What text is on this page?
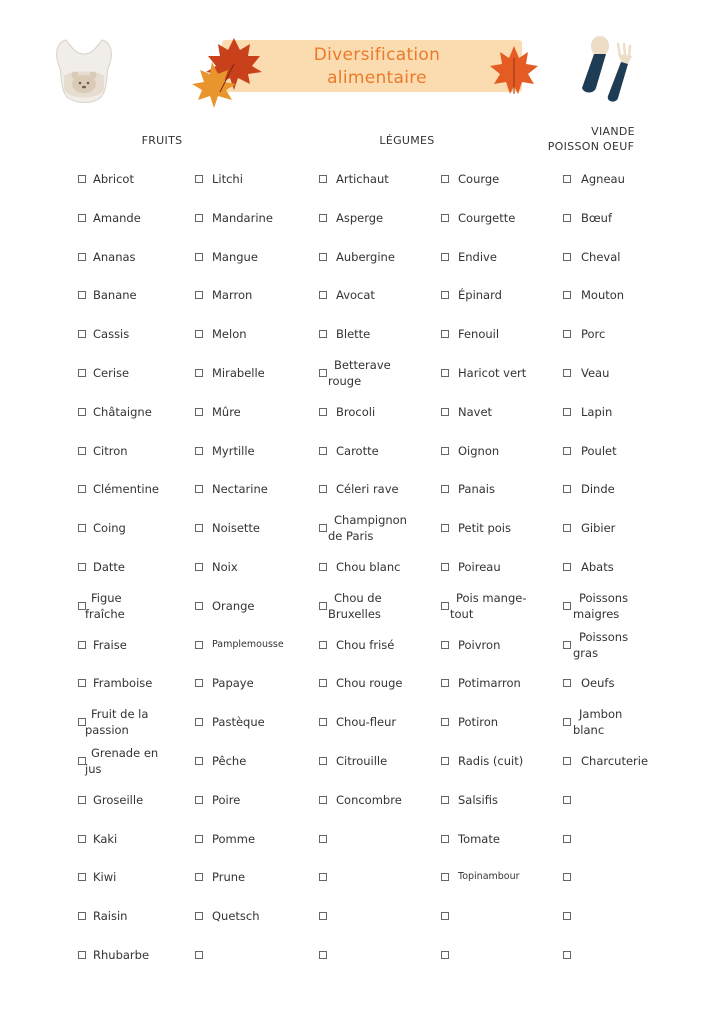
Diversification
alimentaire
FRUITS	LÉGUMES
VIANDE
POISSON OEUF
Abricot
Amande
Ananas
Banane
Cassis
Cerise
Châtaigne
Citron
Clémentine
Coing
Datte
Figue
fraîche
Fraise
Framboise
Fruit de la
passion
Grenade en
jus
Groseille
Kaki
Kiwi
Raisin
Rhubarbe
Litchi
Mandarine
Mangue
Marron
Melon
Mirabelle
Mûre
Myrtille
Nectarine
Noisette
Noix
Orange
Pamplemousse
Papaye
Pastèque
Pêche
Poire
Pomme
Prune
Quetsch
Artichaut
Asperge
Aubergine
Avocat
Blette
Betterave
rouge
Brocoli
Carotte
Céleri rave
Champignon
de Paris
Chou blanc
Chou de
Bruxelles
Chou frisé
Chou rouge
Chou-fleur
Citrouille
Concombre
Courge
Courgette
Endive
Épinard
Fenouil
Haricot vert
Navet
Oignon
Panais
Petit pois
Poireau
Pois mange-
tout
Poivron
Potimarron
Potiron
Radis (cuit)
Salsifis
Tomate
Topinambour
Agneau
Bœuf
Cheval
Mouton
Porc
Veau
Lapin
Poulet
Dinde
Gibier
Abats
Poissons
maigres
Poissons
gras
Oeufs
Jambon
blanc
Charcuterie
